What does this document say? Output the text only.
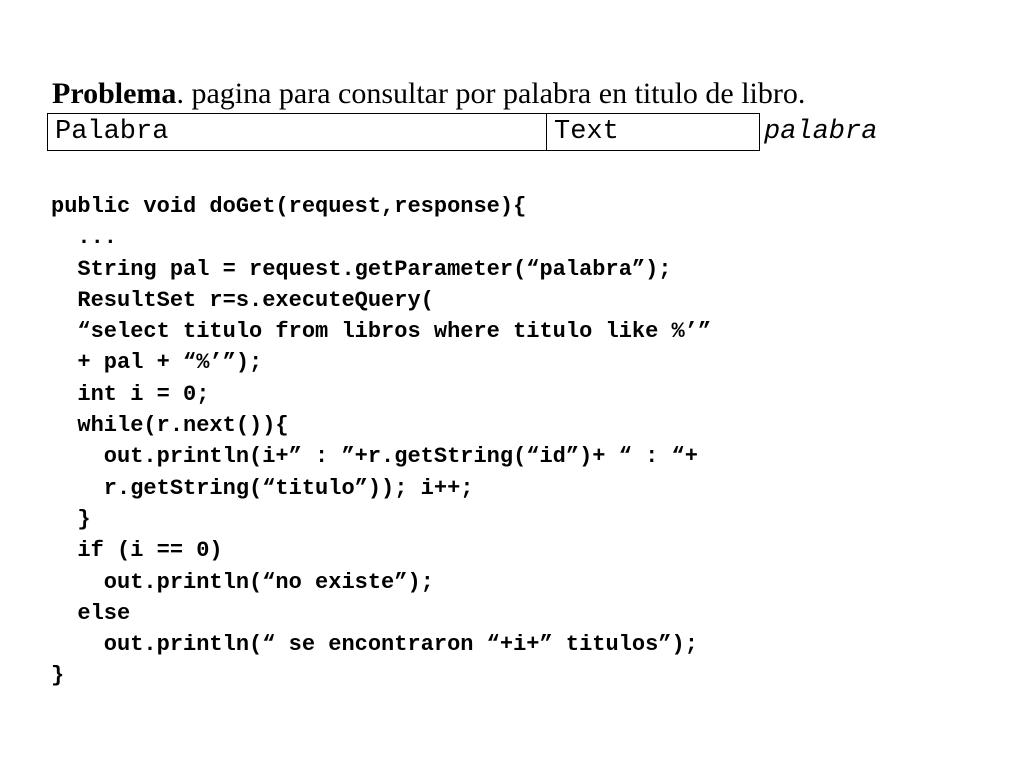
Problema. pagina para consultar por palabra en titulo de libro.
Palabra	Text	palabra
public void doGet(request,response){
...
String pal = request.getParameter(“palabra”);
ResultSet r=s.executeQuery(
“select titulo from libros where titulo like %’”
+ pal + “%’”);
int i = 0;
while(r.next()){
out.println(i+” : ”+r.getString(“id”)+ “ : “+
r.getString(“titulo”)); i++;
}
if (i == 0)
out.println(“no existe”);
else
out.println(“ se encontraron “+i+” titulos”);
}
